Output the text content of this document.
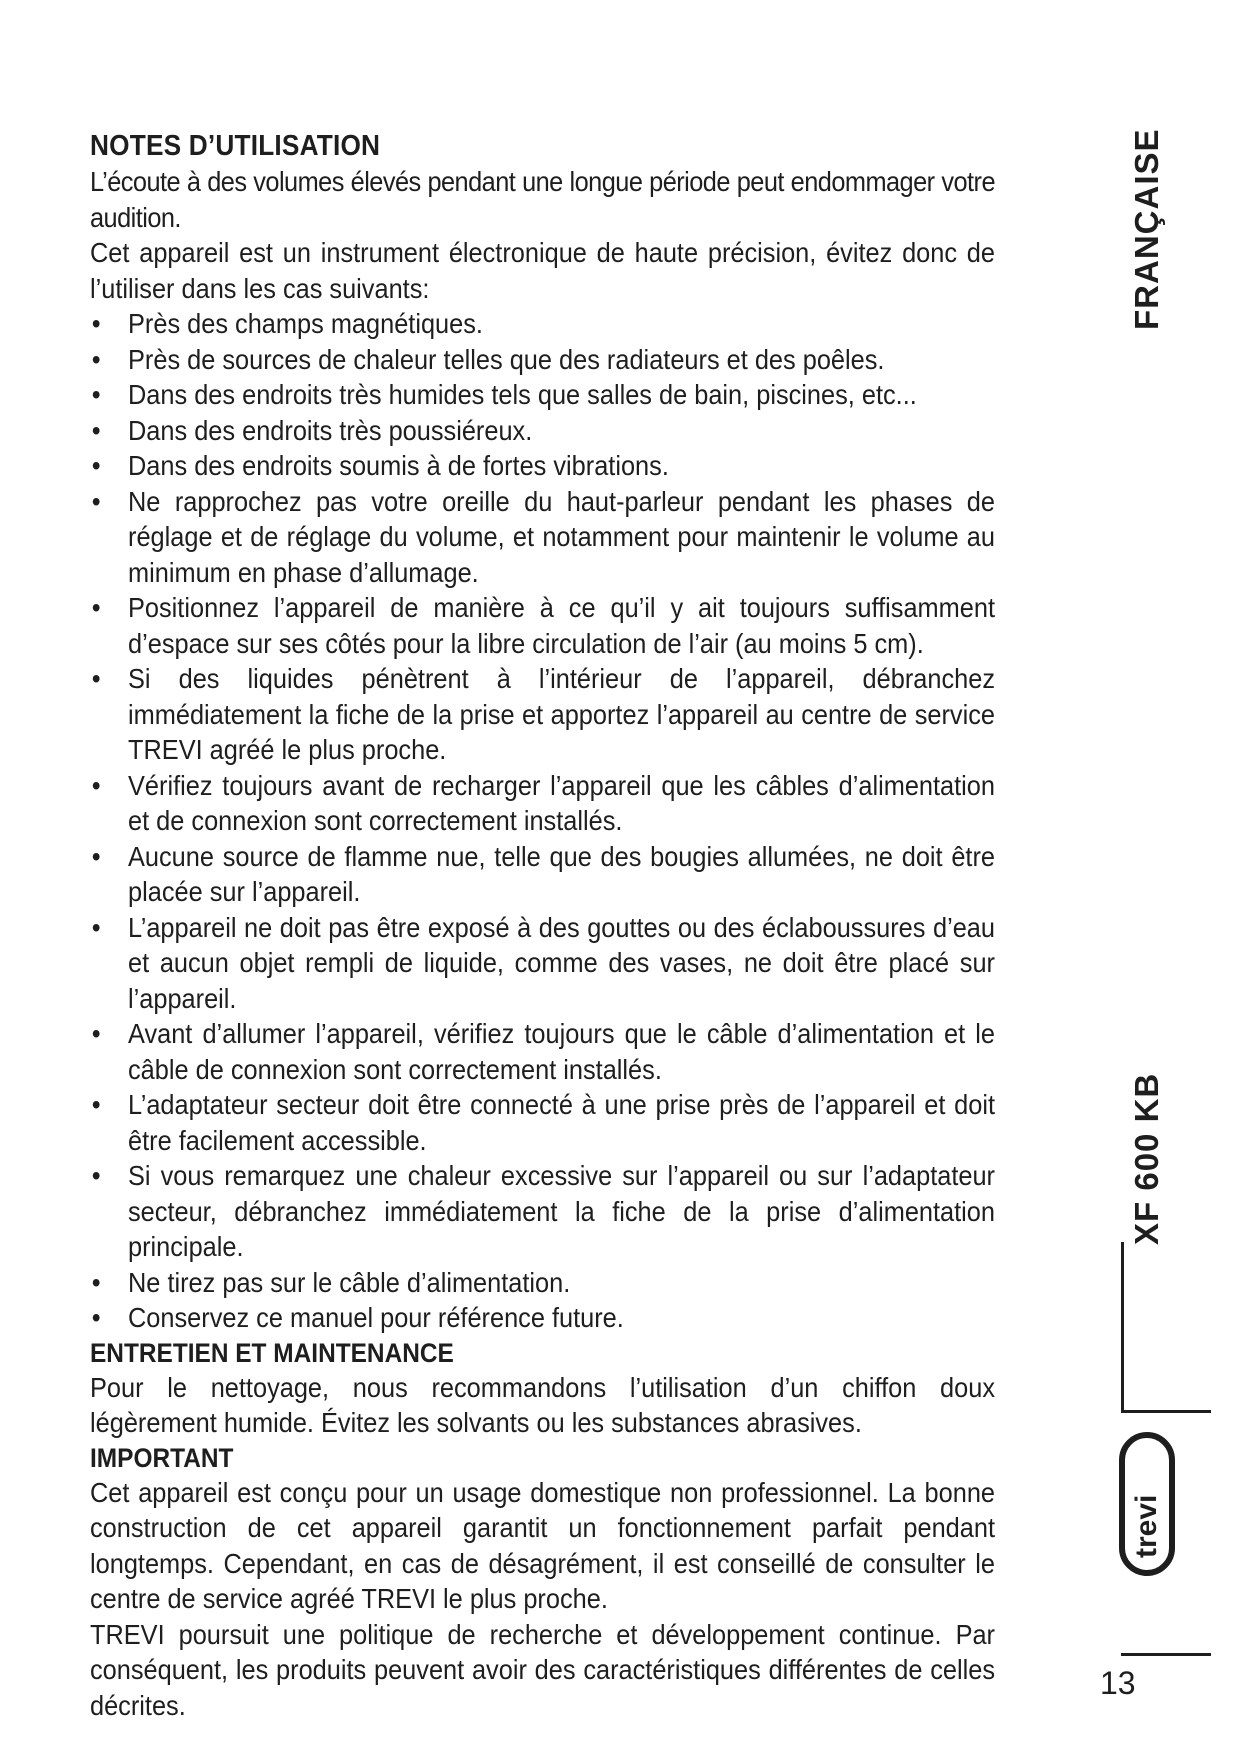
NOTES D’UTILISATION

L’écoute à des volumes élevés pendant une longue période peut endommager votre audition.

Cet appareil est un instrument électronique de haute précision, évitez donc de l’utiliser dans les cas suivants:

• Près des champs magnétiques.
• Près de sources de chaleur telles que des radiateurs et des poêles.
• Dans des endroits très humides tels que salles de bain, piscines, etc...
• Dans des endroits très poussiéreux.
• Dans des endroits soumis à de fortes vibrations.
• Ne rapprochez pas votre oreille du haut-parleur pendant les phases de réglage et de réglage du volume, et notamment pour maintenir le volume au minimum en phase d’allumage.
• Positionnez l’appareil de manière à ce qu’il y ait toujours suffisamment d’espace sur ses côtés pour la libre circulation de l’air (au moins 5 cm).
• Si des liquides pénètrent à l’intérieur de l’appareil, débranchez immédiatement la fiche de la prise et apportez l’appareil au centre de service TREVI agréé le plus proche.
• Vérifiez toujours avant de recharger l’appareil que les câbles d’alimentation et de connexion sont correctement installés.
• Aucune source de flamme nue, telle que des bougies allumées, ne doit être placée sur l’appareil.
• L’appareil ne doit pas être exposé à des gouttes ou des éclaboussures d’eau et aucun objet rempli de liquide, comme des vases, ne doit être placé sur l’appareil.
• Avant d’allumer l’appareil, vérifiez toujours que le câble d’alimentation et le câble de connexion sont correctement installés.
• L’adaptateur secteur doit être connecté à une prise près de l’appareil et doit être facilement accessible.
• Si vous remarquez une chaleur excessive sur l’appareil ou sur l’adaptateur secteur, débranchez immédiatement la fiche de la prise d’alimentation principale.
• Ne tirez pas sur le câble d’alimentation.
• Conservez ce manuel pour référence future.
ENTRETIEN ET MAINTENANCE

Pour le nettoyage, nous recommandons l’utilisation d’un chiffon doux légèrement humide. Évitez les solvants ou les substances abrasives.

IMPORTANT

Cet appareil est conçu pour un usage domestique non professionnel. La bonne construction de cet appareil garantit un fonctionnement parfait pendant longtemps. Cependant, en cas de désagrément, il est conseillé de consulter le centre de service agréé TREVI le plus proche.

TREVI poursuit une politique de recherche et développement continue. Par conséquent, les produits peuvent avoir des caractéristiques différentes de celles décrites.

FRANÇAISE
XF 600 KB
trevi
13
